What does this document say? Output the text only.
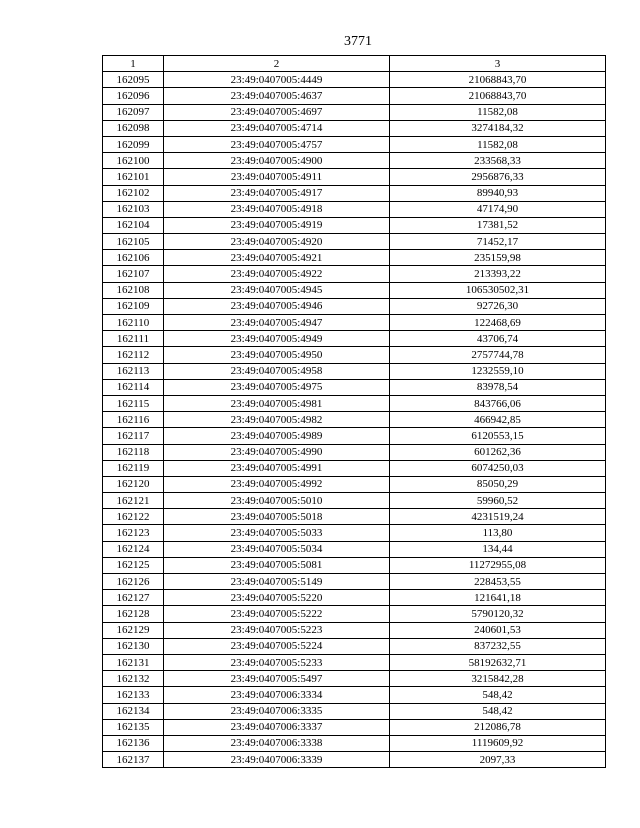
3771
1	2	3
162095	23:49:0407005:4449	21068843,70
162096	23:49:0407005:4637	21068843,70
162097	23:49:0407005:4697	11582,08
162098	23:49:0407005:4714	3274184,32
162099	23:49:0407005:4757	11582,08
162100	23:49:0407005:4900	233568,33
162101	23:49:0407005:4911	2956876,33
162102	23:49:0407005:4917	89940,93
162103	23:49:0407005:4918	47174,90
162104	23:49:0407005:4919	17381,52
162105	23:49:0407005:4920	71452,17
162106	23:49:0407005:4921	235159,98
162107	23:49:0407005:4922	213393,22
162108	23:49:0407005:4945	106530502,31
162109	23:49:0407005:4946	92726,30
162110	23:49:0407005:4947	122468,69
162111	23:49:0407005:4949	43706,74
162112	23:49:0407005:4950	2757744,78
162113	23:49:0407005:4958	1232559,10
162114	23:49:0407005:4975	83978,54
162115	23:49:0407005:4981	843766,06
162116	23:49:0407005:4982	466942,85
162117	23:49:0407005:4989	6120553,15
162118	23:49:0407005:4990	601262,36
162119	23:49:0407005:4991	6074250,03
162120	23:49:0407005:4992	85050,29
162121	23:49:0407005:5010	59960,52
162122	23:49:0407005:5018	4231519,24
162123	23:49:0407005:5033	113,80
162124	23:49:0407005:5034	134,44
162125	23:49:0407005:5081	11272955,08
162126	23:49:0407005:5149	228453,55
162127	23:49:0407005:5220	121641,18
162128	23:49:0407005:5222	5790120,32
162129	23:49:0407005:5223	240601,53
162130	23:49:0407005:5224	837232,55
162131	23:49:0407005:5233	58192632,71
162132	23:49:0407005:5497	3215842,28
162133	23:49:0407006:3334	548,42
162134	23:49:0407006:3335	548,42
162135	23:49:0407006:3337	212086,78
162136	23:49:0407006:3338	1119609,92
162137	23:49:0407006:3339	2097,33
